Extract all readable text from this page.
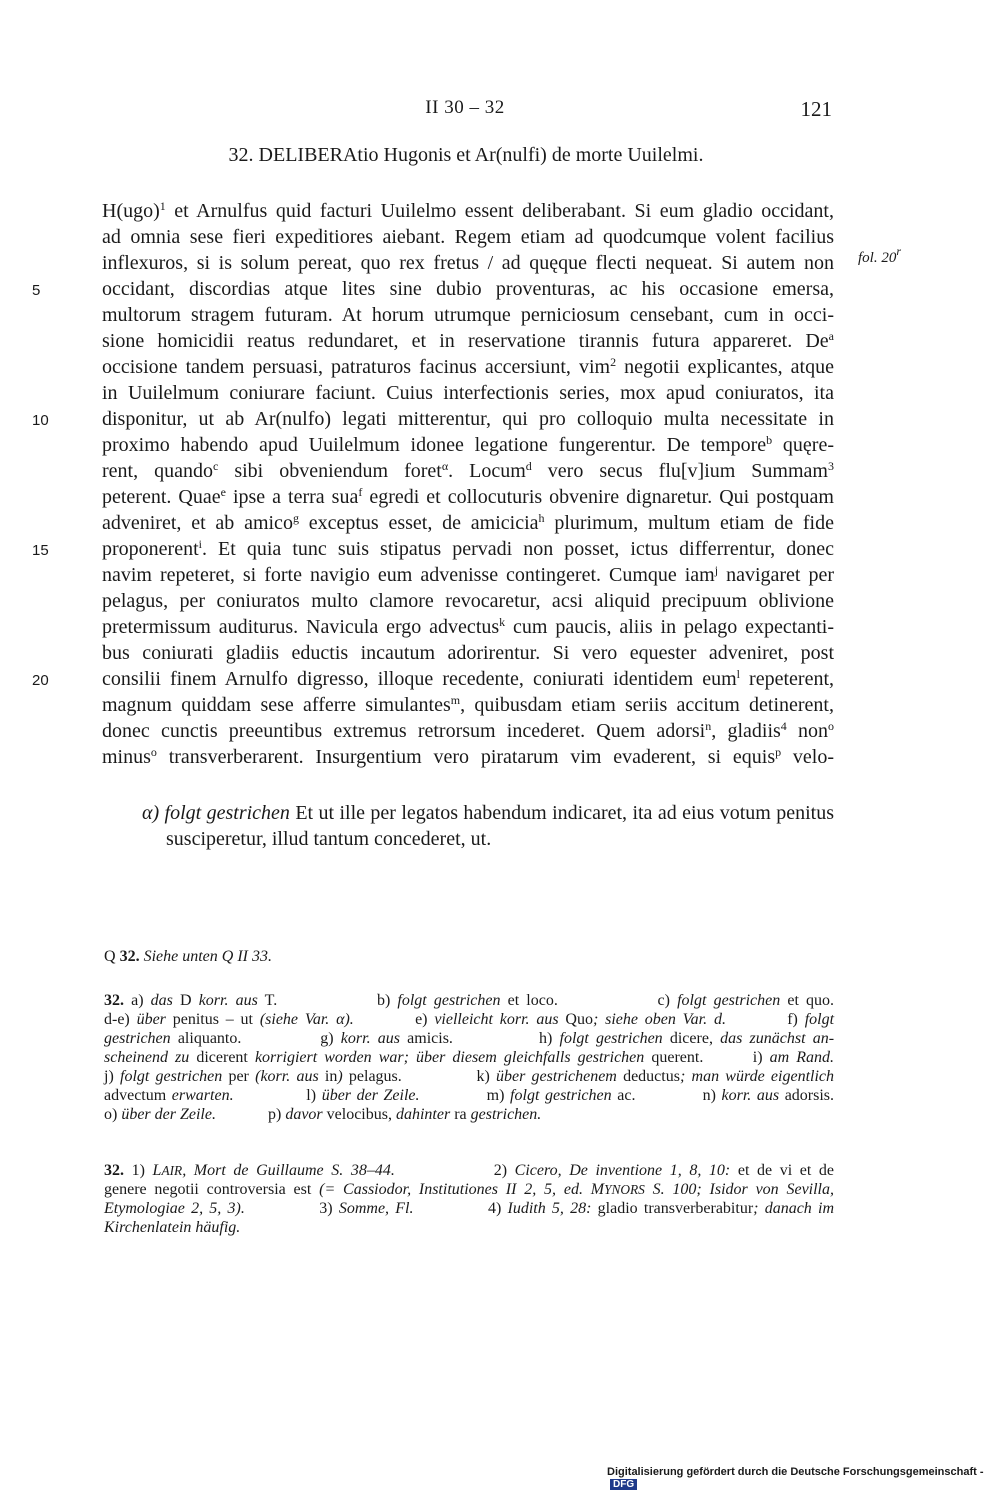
II 30 – 32	121
32. DELIBERAtio Hugonis et Ar(nulfi) de morte Uuilelmi.
fol. 20$^r$
H(ugo)$^1$ et Arnulfus quid facturi Uuilelmo essent deliberabant. Si eum gladio occidant,
ad omnia sese fieri expeditiores aiebant. Regem etiam ad quodcumque volent facilius
inflexuros, si is solum pereat, quo rex fretus / ad quęque flecti nequeat. Si autem non
occidant, discordias atque lites sine dubio proventuras, ac his occasione emersa,
5
multorum stragem futuram. At horum utrumque perniciosum censebant, cum in occi-
sione homicidii reatus redundaret, et in reservatione tirannis futura appareret. De$^a$
occisione tandem persuasi, patraturos facinus accersiunt, vim$^2$ negotii explicantes, atque
in Uuilelmum coniurare faciunt. Cuius interfectionis series, mox apud coniuratos, ita
disponitur, ut ab Ar(nulfo) legati mitterentur, qui pro colloquio multa necessitate in
10
proximo habendo apud Uuilelmum idonee legatione fungerentur. De tempore$^b$ quęre-
rent, quando$^c$ sibi obveniendum foret$^\alpha$. Locum$^d$ vero secus flu[v]ium Summam$^3$
peterent. Quae$^e$ ipse a terra sua$^f$ egredi et collocuturis obvenire dignaretur. Qui postquam
adveniret, et ab amico$^g$ exceptus esset, de amicicia$^h$ plurimum, multum etiam de fide
proponerent$^i$. Et quia tunc suis stipatus pervadi non posset, ictus differrentur, donec
15
navim repeteret, si forte navigio eum advenisse contingeret. Cumque iam$^j$ navigaret per
pelagus, per coniuratos multo clamore revocaretur, acsi aliquid precipuum oblivione
pretermissum auditurus. Navicula ergo advectus$^k$ cum paucis, aliis in pelago expectanti-
bus coniurati gladiis eductis incautum adorirentur. Si vero equester adveniret, post
consilii finem Arnulfo digresso, illoque recedente, coniurati identidem eum$^l$ repeterent,
20
magnum quiddam sese afferre simulantes$^m$, quibusdam etiam seriis accitum detinerent,
donec cunctis preeuntibus extremus retrorsum incederet. Quem adorsi$^n$, gladiis$^4$ non$^o$
minus$^o$ transverberarent. Insurgentium vero piratarum vim evaderent, si equis$^p$ velo-
α) folgt gestrichen Et ut ille per legatos habendum indicaret, ita ad eius votum penitus
susciperetur, illud tantum concederet, ut.
Q 32. Siehe unten Q II 33.
32. a) das D korr. aus T.              b) folgt gestrichen et loco.              c) folgt gestrichen et quo.
d-e) über penitus – ut (siehe Var. α).         e) vielleicht korr. aus Quo; siehe oben Var. d.         f) folgt
gestrichen aliquanto.           g) korr. aus amicis.            h) folgt gestrichen dicere, das zunächst an-
scheinend zu dicerent korrigiert worden war; über diesem gleichfalls gestrichen querent.       i) am Rand.
j) folgt gestrichen per (korr. aus in) pelagus.            k) über gestrichenem deductus; man würde eigentlich
advectum erwarten.             l) über der Zeile.            m) folgt gestrichen ac.            n) korr. aus adorsis.
o) über der Zeile.             p) davor velocibus, dahinter ra gestrichen.
32. 1) LAIR, Mort de Guillaume S. 38–44.             2) Cicero, De inventione 1, 8, 10: et de vi et de
genere negotii controversia est (= Cassiodor, Institutiones II 2, 5, ed. MYNORS S. 100; Isidor von Sevilla,
Etymologiae 2, 5, 3).            3) Somme, Fl.            4) Iudith 5, 28: gladio transverberabitur; danach im
Kirchenlatein häufig.
Digitalisierung gefördert durch die Deutsche Forschungsgemeinschaft -DFG
